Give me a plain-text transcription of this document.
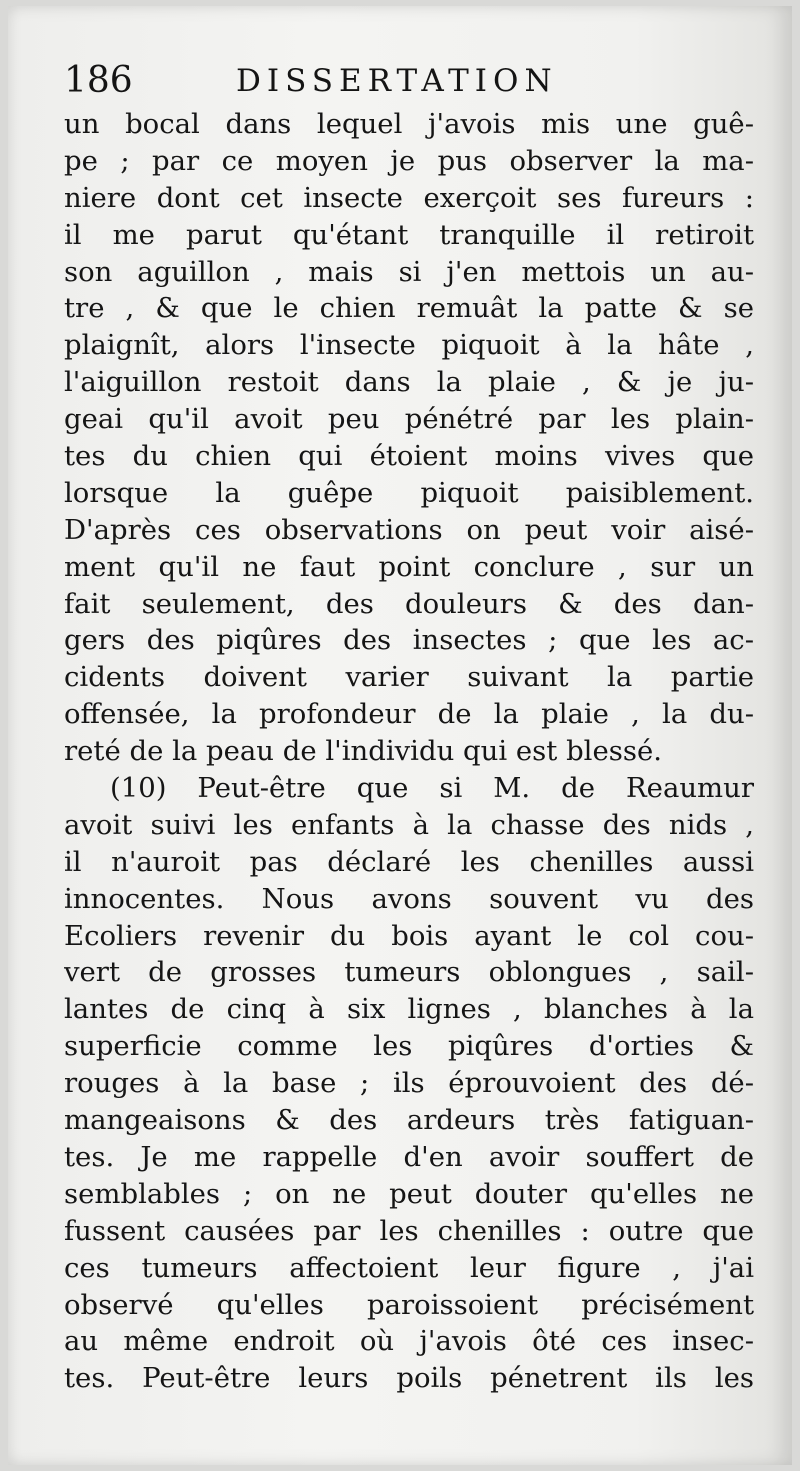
186	DISSERTATION
un bocal dans lequel j'avois mis une guê-
pe ; par ce moyen je pus observer la ma-
niere dont cet insecte exerçoit ses fureurs :
il me parut qu'étant tranquille il retiroit
son aguillon , mais si j'en mettois un au-
tre , & que le chien remuât la patte & se
plaignît, alors l'insecte piquoit à la hâte ,
l'aiguillon restoit dans la plaie , & je ju-
geai qu'il avoit peu pénétré par les plain-
tes du chien qui étoient moins vives que
lorsque la guêpe piquoit paisiblement.
D'après ces observations on peut voir aisé-
ment qu'il ne faut point conclure , sur un
fait seulement, des douleurs & des dan-
gers des piqûres des insectes ; que les ac-
cidents doivent varier suivant la partie
offensée, la profondeur de la plaie , la du-
reté de la peau de l'individu qui est blessé.
(10) Peut-être que si M. de Reaumur
avoit suivi les enfants à la chasse des nids ,
il n'auroit pas déclaré les chenilles aussi
innocentes. Nous avons souvent vu des
Ecoliers revenir du bois ayant le col cou-
vert de grosses tumeurs oblongues , sail-
lantes de cinq à six lignes , blanches à la
superficie comme les piqûres d'orties &
rouges à la base ; ils éprouvoient des dé-
mangeaisons & des ardeurs très fatiguan-
tes. Je me rappelle d'en avoir souffert de
semblables ; on ne peut douter qu'elles ne
fussent causées par les chenilles : outre que
ces tumeurs affectoient leur figure , j'ai
observé qu'elles paroissoient précisément
au même endroit où j'avois ôté ces insec-
tes. Peut-être leurs poils pénetrent ils les
